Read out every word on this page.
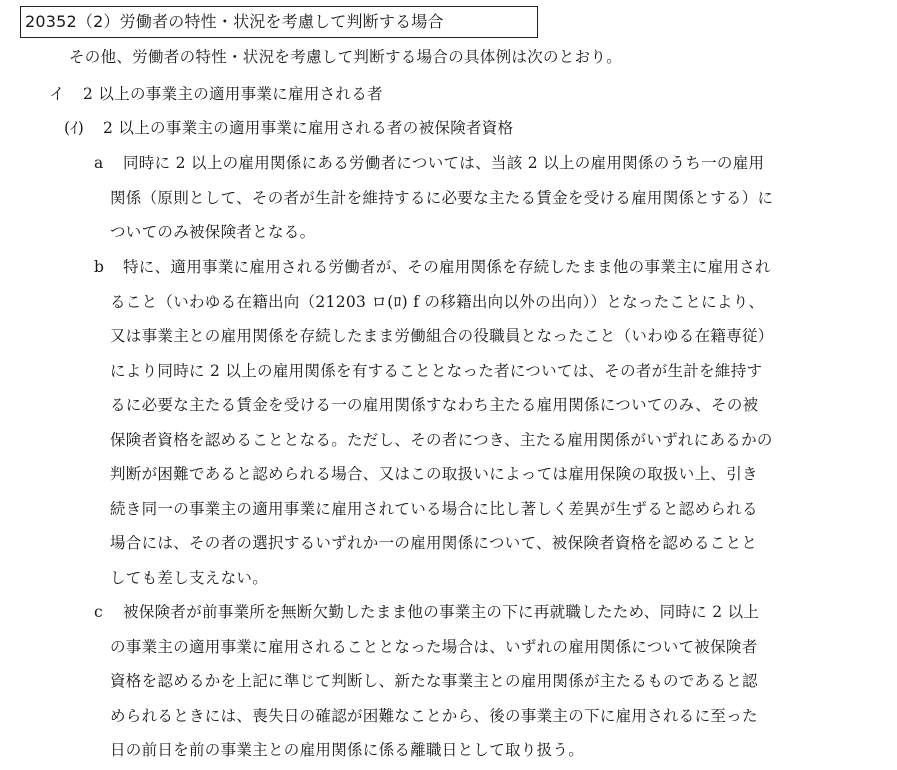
20352（2）労働者の特性・状況を考慮して判断する場合
その他、労働者の特性・状況を考慮して判断する場合の具体例は次のとおり。
イ 2 以上の事業主の適用事業に雇用される者
(ｲ) 2 以上の事業主の適用事業に雇用される者の被保険者資格
a 同時に 2 以上の雇用関係にある労働者については、当該 2 以上の雇用関係のうち一の雇用
関係（原則として、その者が生計を維持するに必要な主たる賃金を受ける雇用関係とする）に
ついてのみ被保険者となる。
b 特に、適用事業に雇用される労働者が、その雇用関係を存続したまま他の事業主に雇用され
ること（いわゆる在籍出向（21203 ロ(ﾛ) f の移籍出向以外の出向））となったことにより、
又は事業主との雇用関係を存続したまま労働組合の役職員となったこと（いわゆる在籍専従）
により同時に 2 以上の雇用関係を有することとなった者については、その者が生計を維持す
るに必要な主たる賃金を受ける一の雇用関係すなわち主たる雇用関係についてのみ、その被
保険者資格を認めることとなる。ただし、その者につき、主たる雇用関係がいずれにあるかの
判断が困難であると認められる場合、又はこの取扱いによっては雇用保険の取扱い上、引き
続き同一の事業主の適用事業に雇用されている場合に比し著しく差異が生ずると認められる
場合には、その者の選択するいずれか一の雇用関係について、被保険者資格を認めることと
しても差し支えない。
c 被保険者が前事業所を無断欠勤したまま他の事業主の下に再就職したため、同時に 2 以上
の事業主の適用事業に雇用されることとなった場合は、いずれの雇用関係について被保険者
資格を認めるかを上記に準じて判断し、新たな事業主との雇用関係が主たるものであると認
められるときには、喪失日の確認が困難なことから、後の事業主の下に雇用されるに至った
日の前日を前の事業主との雇用関係に係る離職日として取り扱う。
